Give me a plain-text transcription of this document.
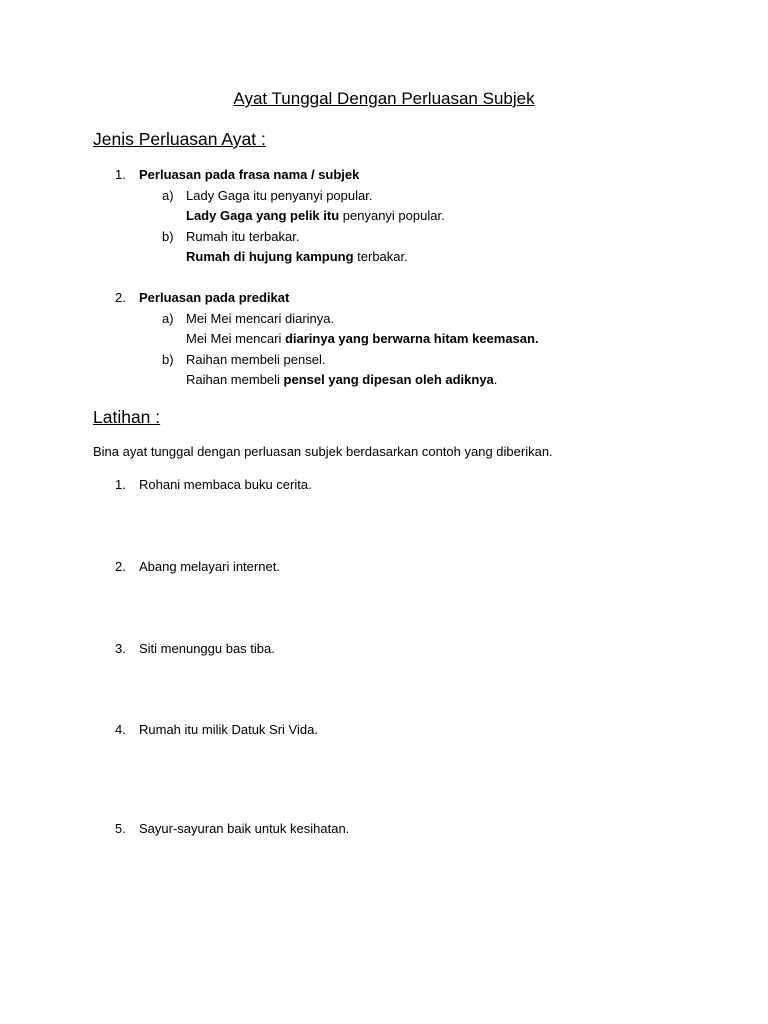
Ayat Tunggal Dengan Perluasan Subjek
Jenis Perluasan Ayat :
1. Perluasan pada frasa nama / subjek
a) Lady Gaga itu penyanyi popular.
Lady Gaga yang pelik itu penyanyi popular.
b) Rumah itu terbakar.
Rumah di hujung kampung terbakar.
2. Perluasan pada predikat
a) Mei Mei mencari diarinya.
Mei Mei mencari diarinya yang berwarna hitam keemasan.
b) Raihan membeli pensel.
Raihan membeli pensel yang dipesan oleh adiknya.
Latihan :
Bina ayat tunggal dengan perluasan subjek berdasarkan contoh yang diberikan.
1. Rohani membaca buku cerita.
2. Abang melayari internet.
3. Siti menunggu bas tiba.
4. Rumah itu milik Datuk Sri Vida.
5. Sayur-sayuran baik untuk kesihatan.
